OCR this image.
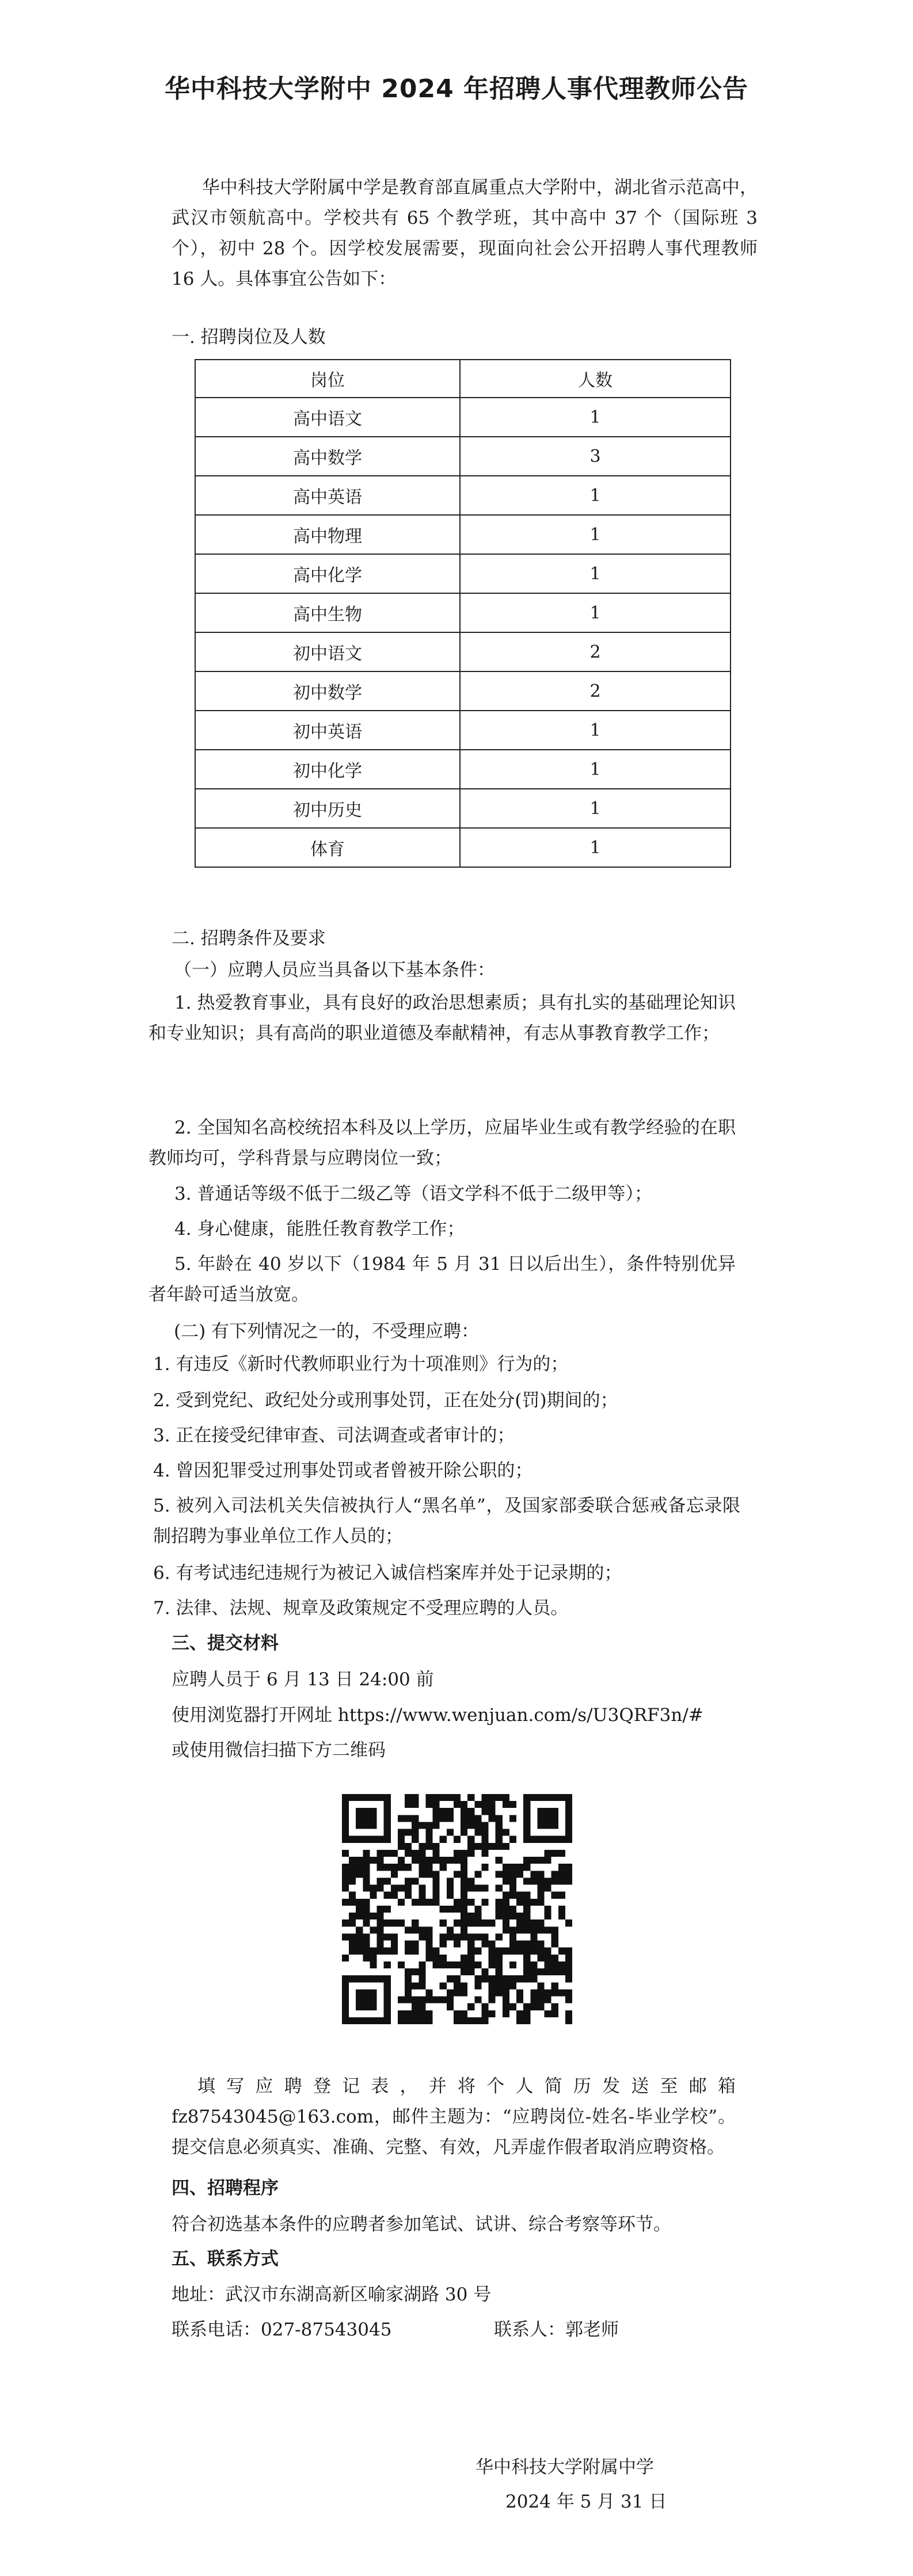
华中科技大学附中 2024 年招聘人事代理教师公告

华中科技大学附属中学是教育部直属重点大学附中，湖北省示范高中，武汉市领航高中。学校共有 65 个教学班，其中高中 37 个（国际班 3 个），初中 28 个。因学校发展需要，现面向社会公开招聘人事代理教师 16 人。具体事宜公告如下：

一. 招聘岗位及人数
岗位	人数
高中语文	1
高中数学	3
高中英语	1
高中物理	1
高中化学	1
高中生物	1
初中语文	2
初中数学	2
初中英语	1
初中化学	1
初中历史	1
体育	1
二. 招聘条件及要求
（一）应聘人员应当具备以下基本条件：

1. 热爱教育事业，具有良好的政治思想素质；具有扎实的基础理论知识和专业知识；具有高尚的职业道德及奉献精神，有志从事教育教学工作；

2. 全国知名高校统招本科及以上学历，应届毕业生或有教学经验的在职教师均可，学科背景与应聘岗位一致；

3. 普通话等级不低于二级乙等（语文学科不低于二级甲等）；

4. 身心健康，能胜任教育教学工作；

5. 年龄在 40 岁以下（1984 年 5 月 31 日以后出生），条件特别优异者年龄可适当放宽。

(二) 有下列情况之一的，不受理应聘：

1. 有违反《新时代教师职业行为十项准则》行为的；

2. 受到党纪、政纪处分或刑事处罚，正在处分(罚)期间的；

3. 正在接受纪律审查、司法调查或者审计的；

4. 曾因犯罪受过刑事处罚或者曾被开除公职的；

5. 被列入司法机关失信被执行人“黑名单”，及国家部委联合惩戒备忘录限制招聘为事业单位工作人员的；

6. 有考试违纪违规行为被记入诚信档案库并处于记录期的；

7. 法律、法规、规章及政策规定不受理应聘的人员。

三、提交材料
应聘人员于 6 月 13 日 24:00 前
使用浏览器打开网址 https://www.wenjuan.com/s/U3QRF3n/#
或使用微信扫描下方二维码

填写应聘登记表，并将个人简历发送至邮箱 fz87543045@163.com，邮件主题为：“应聘岗位-姓名-毕业学校”。提交信息必须真实、准确、完整、有效，凡弄虚作假者取消应聘资格。

四、招聘程序
符合初选基本条件的应聘者参加笔试、试讲、综合考察等环节。
五、联系方式
地址：武汉市东湖高新区喻家湖路 30 号
联系电话：027-87543045	联系人：郭老师
华中科技大学附属中学
2024 年 5 月 31 日
